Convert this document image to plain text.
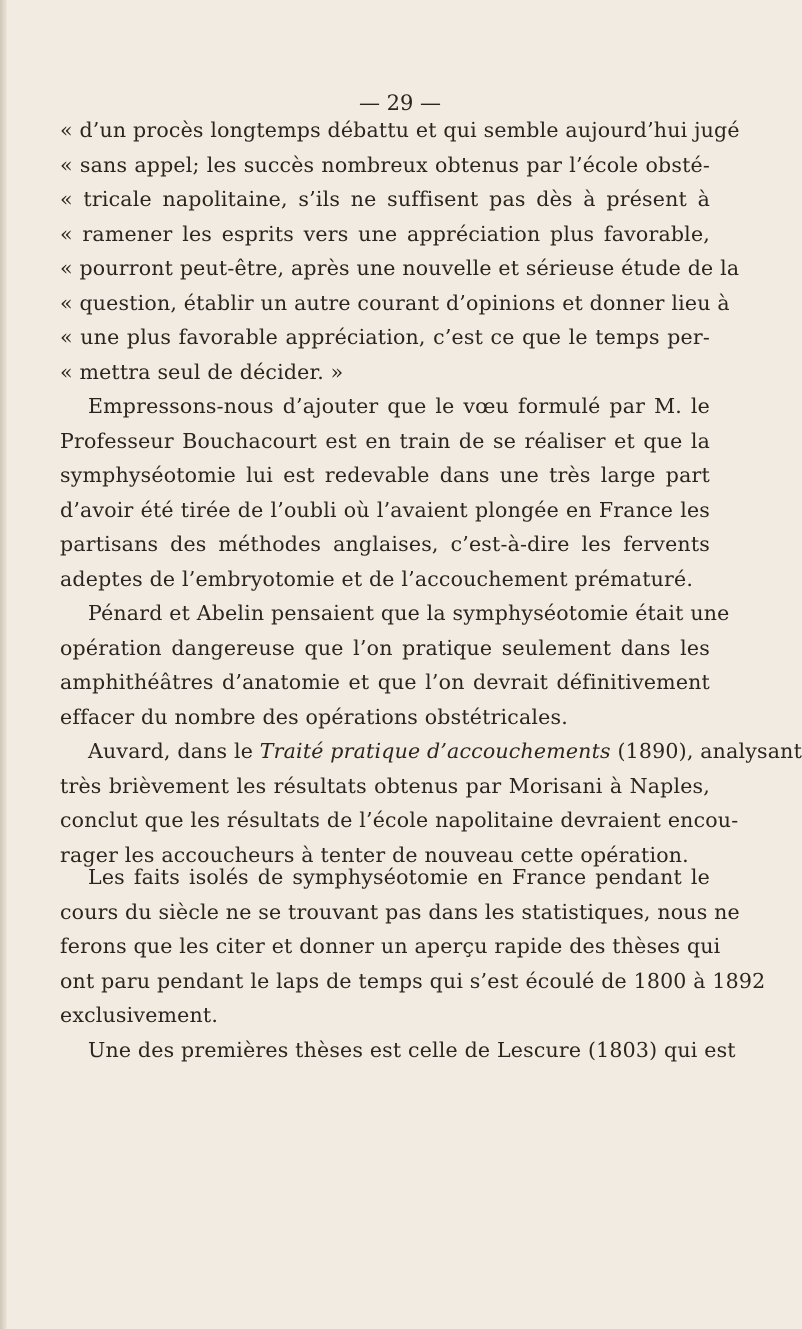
— 29 —
« d’un procès longtemps débattu et qui semble aujourd’hui jugé
« sans appel; les succès nombreux obtenus par l’école obsté-
« tricale napolitaine, s’ils ne suffisent pas dès à présent à
« ramener les esprits vers une appréciation plus favorable,
« pourront peut-être, après une nouvelle et sérieuse étude de la
« question, établir un autre courant d’opinions et donner lieu à
« une plus favorable appréciation, c’est ce que le temps per-
« mettra seul de décider. »
Empressons-nous d’ajouter que le vœu formulé par M. le
Professeur Bouchacourt est en train de se réaliser et que la
symphyséotomie lui est redevable dans une très large part
d’avoir été tirée de l’oubli où l’avaient plongée en France les
partisans des méthodes anglaises, c’est-à-dire les fervents
adeptes de l’embryotomie et de l’accouchement prématuré.
Pénard et Abelin pensaient que la symphyséotomie était une
opération dangereuse que l’on pratique seulement dans les
amphithéâtres d’anatomie et que l’on devrait définitivement
effacer du nombre des opérations obstétricales.
Auvard, dans le Traité pratique d’accouchements (1890), analysant
très brièvement les résultats obtenus par Morisani à Naples,
conclut que les résultats de l’école napolitaine devraient encou-
rager les accoucheurs à tenter de nouveau cette opération.
Les faits isolés de symphyséotomie en France pendant le
cours du siècle ne se trouvant pas dans les statistiques, nous ne
ferons que les citer et donner un aperçu rapide des thèses qui
ont paru pendant le laps de temps qui s’est écoulé de 1800 à 1892
exclusivement.
Une des premières thèses est celle de Lescure (1803) qui est
